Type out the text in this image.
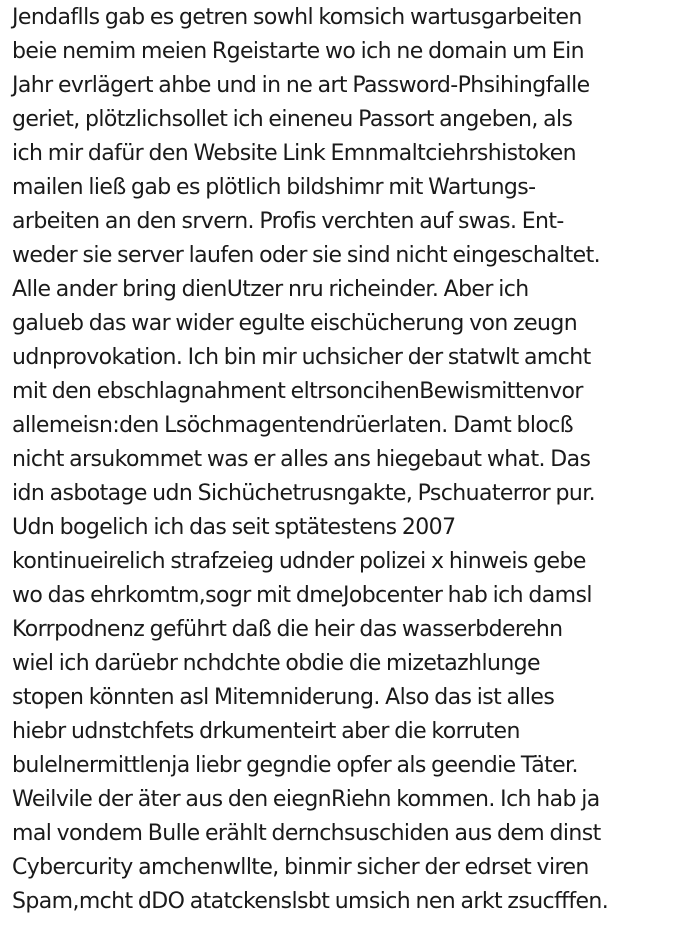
Jendaflls gab es getren sowhl komsich wartusgarbeiten

beie nemim meien Rgeistarte wo ich ne domain um Ein

Jahr evrlägert ahbe und in ne art Password-Phsihingfalle

geriet, plötzlichsollet ich eineneu Passort angeben, als

ich mir dafür den Website Link Emnmaltciehrshistoken

mailen ließ gab es plötlich bildshimr mit Wartungs-

arbeiten an den srvern. Profis verchten auf swas. Ent-

weder sie server laufen oder sie sind nicht eingeschaltet.

Alle ander bring dienUtzer nru richeinder. Aber ich

galueb das war wider egulte eischücherung von zeugn

udnprovokation. Ich bin mir uchsicher der statwlt amcht

mit den ebschlagnahment eltrsoncihenBewismittenvor

allemeisn:den Lsöchmagentendrüerlaten. Damt blocß

nicht arsukommet was er alles ans hiegebaut what. Das

idn asbotage udn Sichüchetrusngakte, Pschuaterror pur.

Udn bogelich ich das seit sptätestens 2007

kontinueirelich strafzeieg udnder polizei x hinweis gebe

wo das ehrkomtm,sogr mit dmeJobcenter hab ich damsl

Korrpodnenz geführt daß die heir das wasserbderehn

wiel ich darüebr nchdchte obdie die mizetazhlunge

stopen könnten asl Mitemniderung. Also das ist alles

hiebr udnstchfets drkumenteirt aber die korruten

bulelnermittlenja liebr gegndie opfer als geendie Täter.

Weilvile der äter aus den eiegnRiehn kommen. Ich hab ja

mal vondem Bulle erählt dernchsuschiden aus dem dinst

Cybercurity amchenwllte, binmir sicher der edrset viren

Spam,mcht dDO atatckenslsbt umsich nen arkt zsucfffen.
